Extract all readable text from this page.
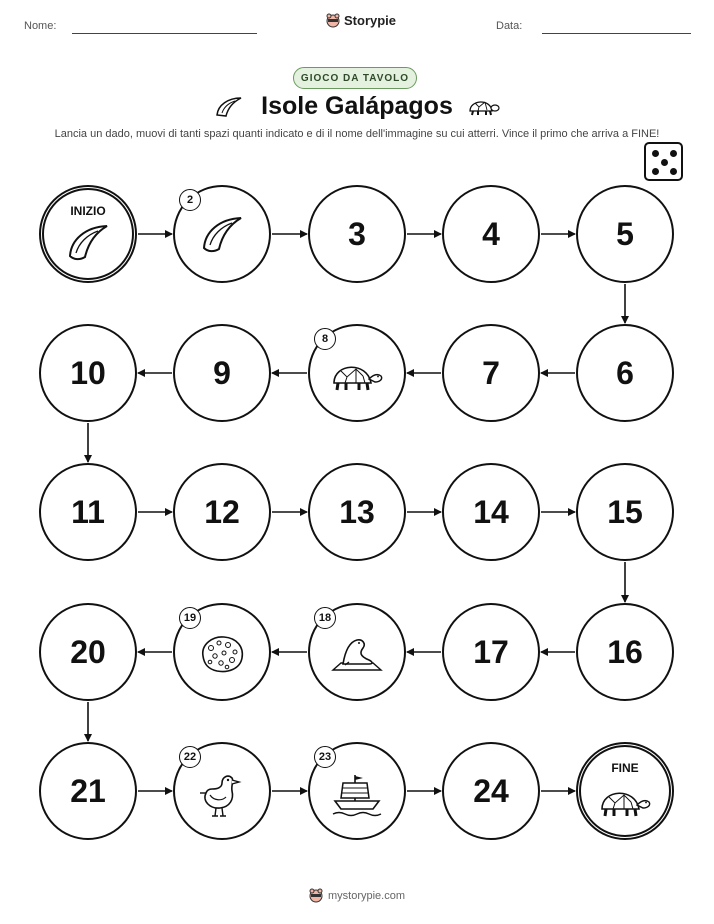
Nome:	Storypie	Data:
GIOCO DA TAVOLO
Isole Galápagos
Lancia un dado, muovi di tanti spazi quanti indicato e di il nome dell'immagine su cui atterri. Vince il primo che arriva a FINE!
INIZIO
2
3	4	5
6
7
8
9
10
11	12	13	14	15
16
17
18
19
20
21
22	23
24
FINE
mystorypie.com
